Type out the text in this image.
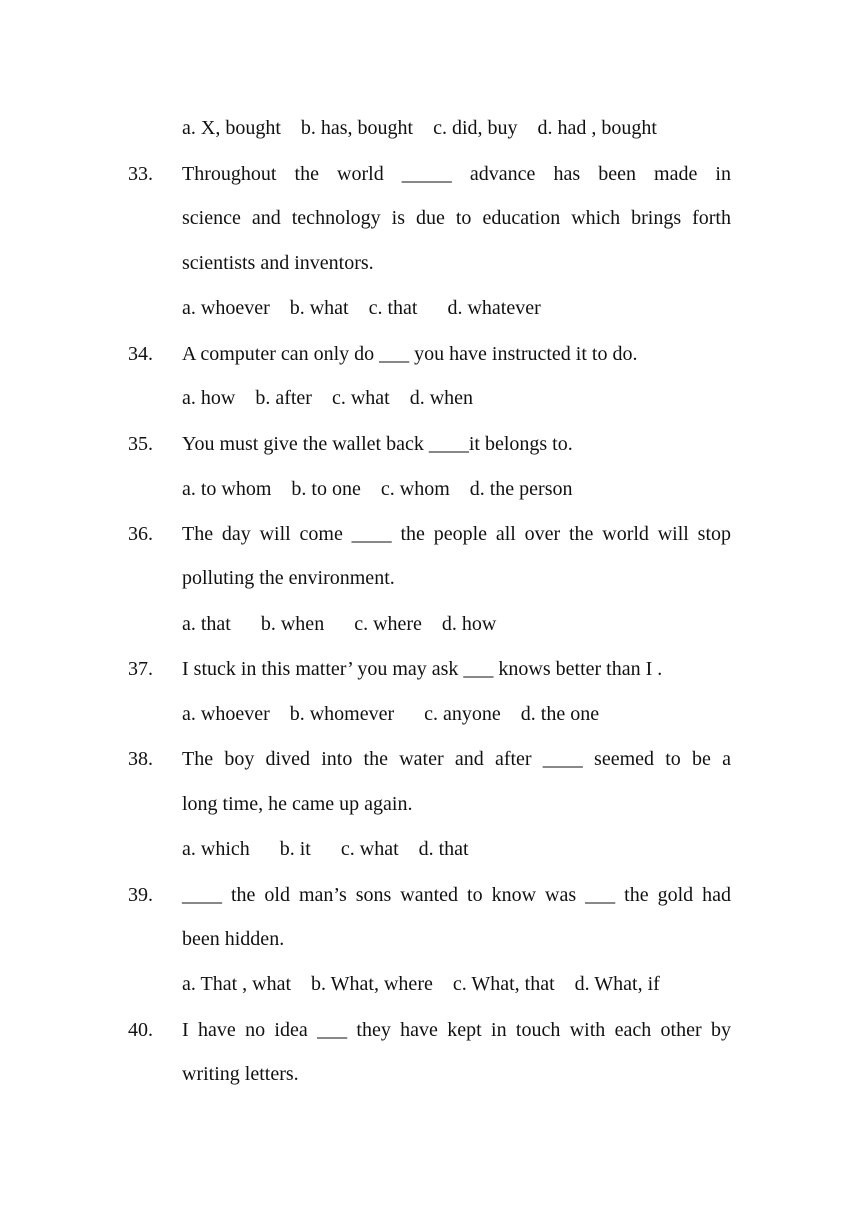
a. X, bought    b. has, bought    c. did, buy    d. had , bought
33. Throughout the world _____ advance has been made in
science and technology is due to education which brings forth
scientists and inventors.
a. whoever    b. what    c. that      d. whatever
34. A computer can only do ___ you have instructed it to do.
a. how    b. after    c. what    d. when
35. You must give the wallet back ____it belongs to.
a. to whom    b. to one    c. whom    d. the person
36. The day will come ____ the people all over the world will stop
polluting the environment.
a. that      b. when      c. where    d. how
37. I stuck in this matter’ you may ask ___ knows better than I .
a. whoever    b. whomever      c. anyone    d. the one
38. The boy dived into the water and after ____ seemed to be a
long time, he came up again.
a. which      b. it      c. what    d. that
39. ____ the old man’s sons wanted to know was ___ the gold had
been hidden.
a. That , what    b. What, where    c. What, that    d. What, if
40. I have no idea ___ they have kept in touch with each other by
writing letters.
